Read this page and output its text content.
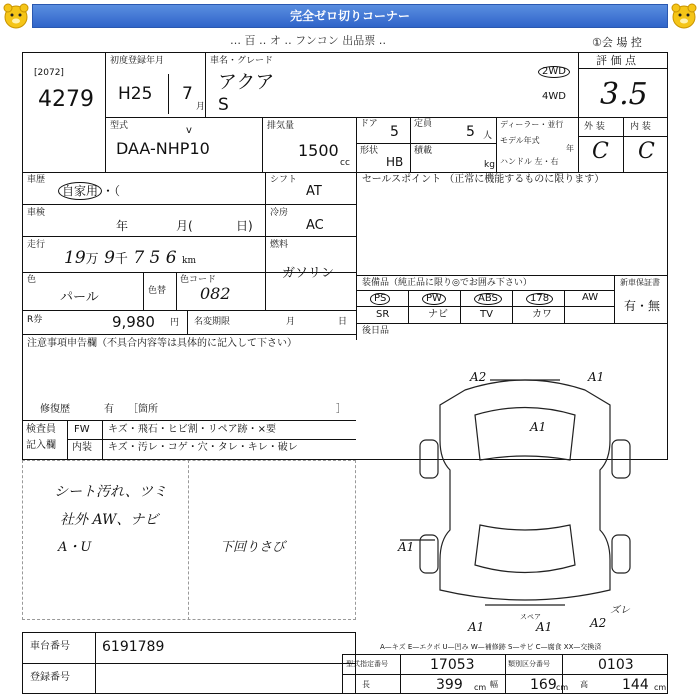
完全ゼロ切りコーナー
… 百 ‥ オ ‥ フンコン 出品票 ‥	①会 場 控
[2072]
4279
初度登録年月
H25 7
月
車名・グレード
アクア
S
2WD
4WD
評 価 点
3.5
型式	v
DAA-NHP10
排気量
1500
cc
ドア 5 定員 5 人
形状
HB
積載
kg
ディーラー・並行
モデル年式
年
ハンドル 左・右
外 装	内 装
C C
車歴
自家用 ・（
シフト
AT
セールスポイント （正常に機能するものに限ります）
車検
年	月(	日)
冷房
AC
走行
19万 9千 7 5 6 km
燃料
ガソリン
色
パール	色替
色コード
082
装備品（純正品に限り◎でお囲み下さい）	新車保証書
有・無
PS	PW	ABS	178	AW
SR	ナビ	TV	カワ
後日品
R券	9,980 円 名変期限	月	日
注意事項申告欄（不具合内容等は具体的に記入して下さい）
修復歴	有 ［箇所	］
検査員
記入欄
FW
内装
キズ・飛石・ヒビ割・リペア跡・×要
キズ・汚レ・コゲ・穴・タレ・キレ・破レ
シート汚れ、ツミ
社外 AW、ナビ
A・U	下回りさび
A2	A1
A1
A1
A1	A1	A2
ズレ
スペア
A—キズ E—エクボ U—凹み W—補修跡 S—サビ C—腐食 XX—交換済
車台番号 6191789
登録番号
型式指定番号	17053	類別区分番号	0103
長	399 cm 幅 169 cm 高 144 cm
